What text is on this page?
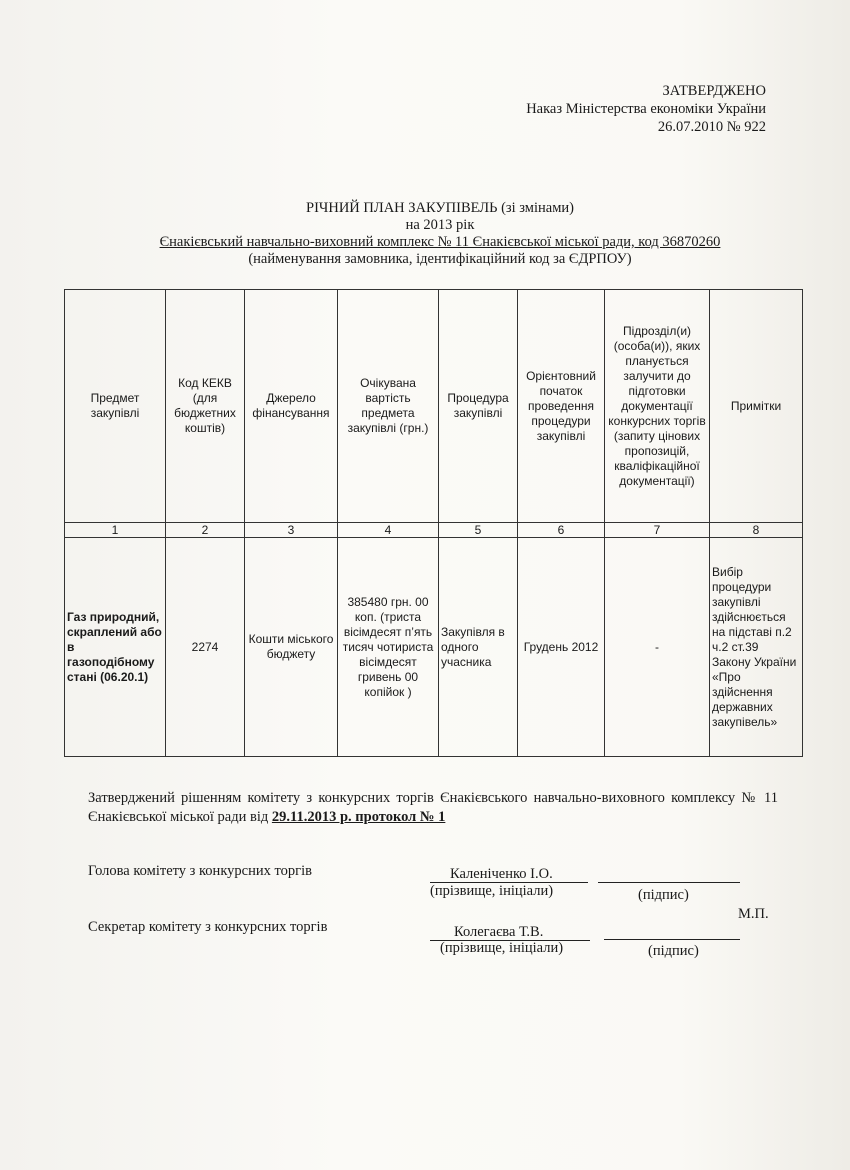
ЗАТВЕРДЖЕНО
Наказ Міністерства економіки України
26.07.2010 № 922
РІЧНИЙ ПЛАН ЗАКУПІВЕЛЬ (зі змінами)
на 2013 рік
Єнакієвський навчально-виховний комплекс № 11 Єнакієвської міської ради, код 36870260
(найменування замовника, ідентифікаційний код за ЄДРПОУ)
Предмет закупівлі	Код КЕКВ (для бюджетних коштів)	Джерело фінансування	Очікувана вартість предмета закупівлі (грн.)	Процедура закупівлі	Орієнтовний початок проведення процедури закупівлі	Підрозділ(и) (особа(и)), яких планується залучити до підготовки документації конкурсних торгів (запиту цінових пропозицій, кваліфікаційної документації)	Примітки
1	2	3	4	5	6	7	8
Газ природний, скраплений або в газоподібному стані (06.20.1)	2274	Кошти міського бюджету	385480 грн. 00 коп. (триста вісімдесят п’ять тисяч чотириста вісімдесят гривень 00 копійок )	Закупівля в одного учасника	Грудень 2012	-	Вибір процедури закупівлі здійснюється на підставі п.2 ч.2 ст.39 Закону України «Про здійснення державних закупівель»
Затверджений рішенням комітету з конкурсних торгів Єнакієвського навчально-виховного комплексу № 11 Єнакієвської міської ради від 29.11.2013 р. протокол № 1
Голова комітету з конкурсних торгів	Каленіченко І.О.
(прізвище, ініціали)	(підпис)
М.П.
Секретар комітету з конкурсних торгів	Колегаєва Т.В.
(прізвище, ініціали)	(підпис)
